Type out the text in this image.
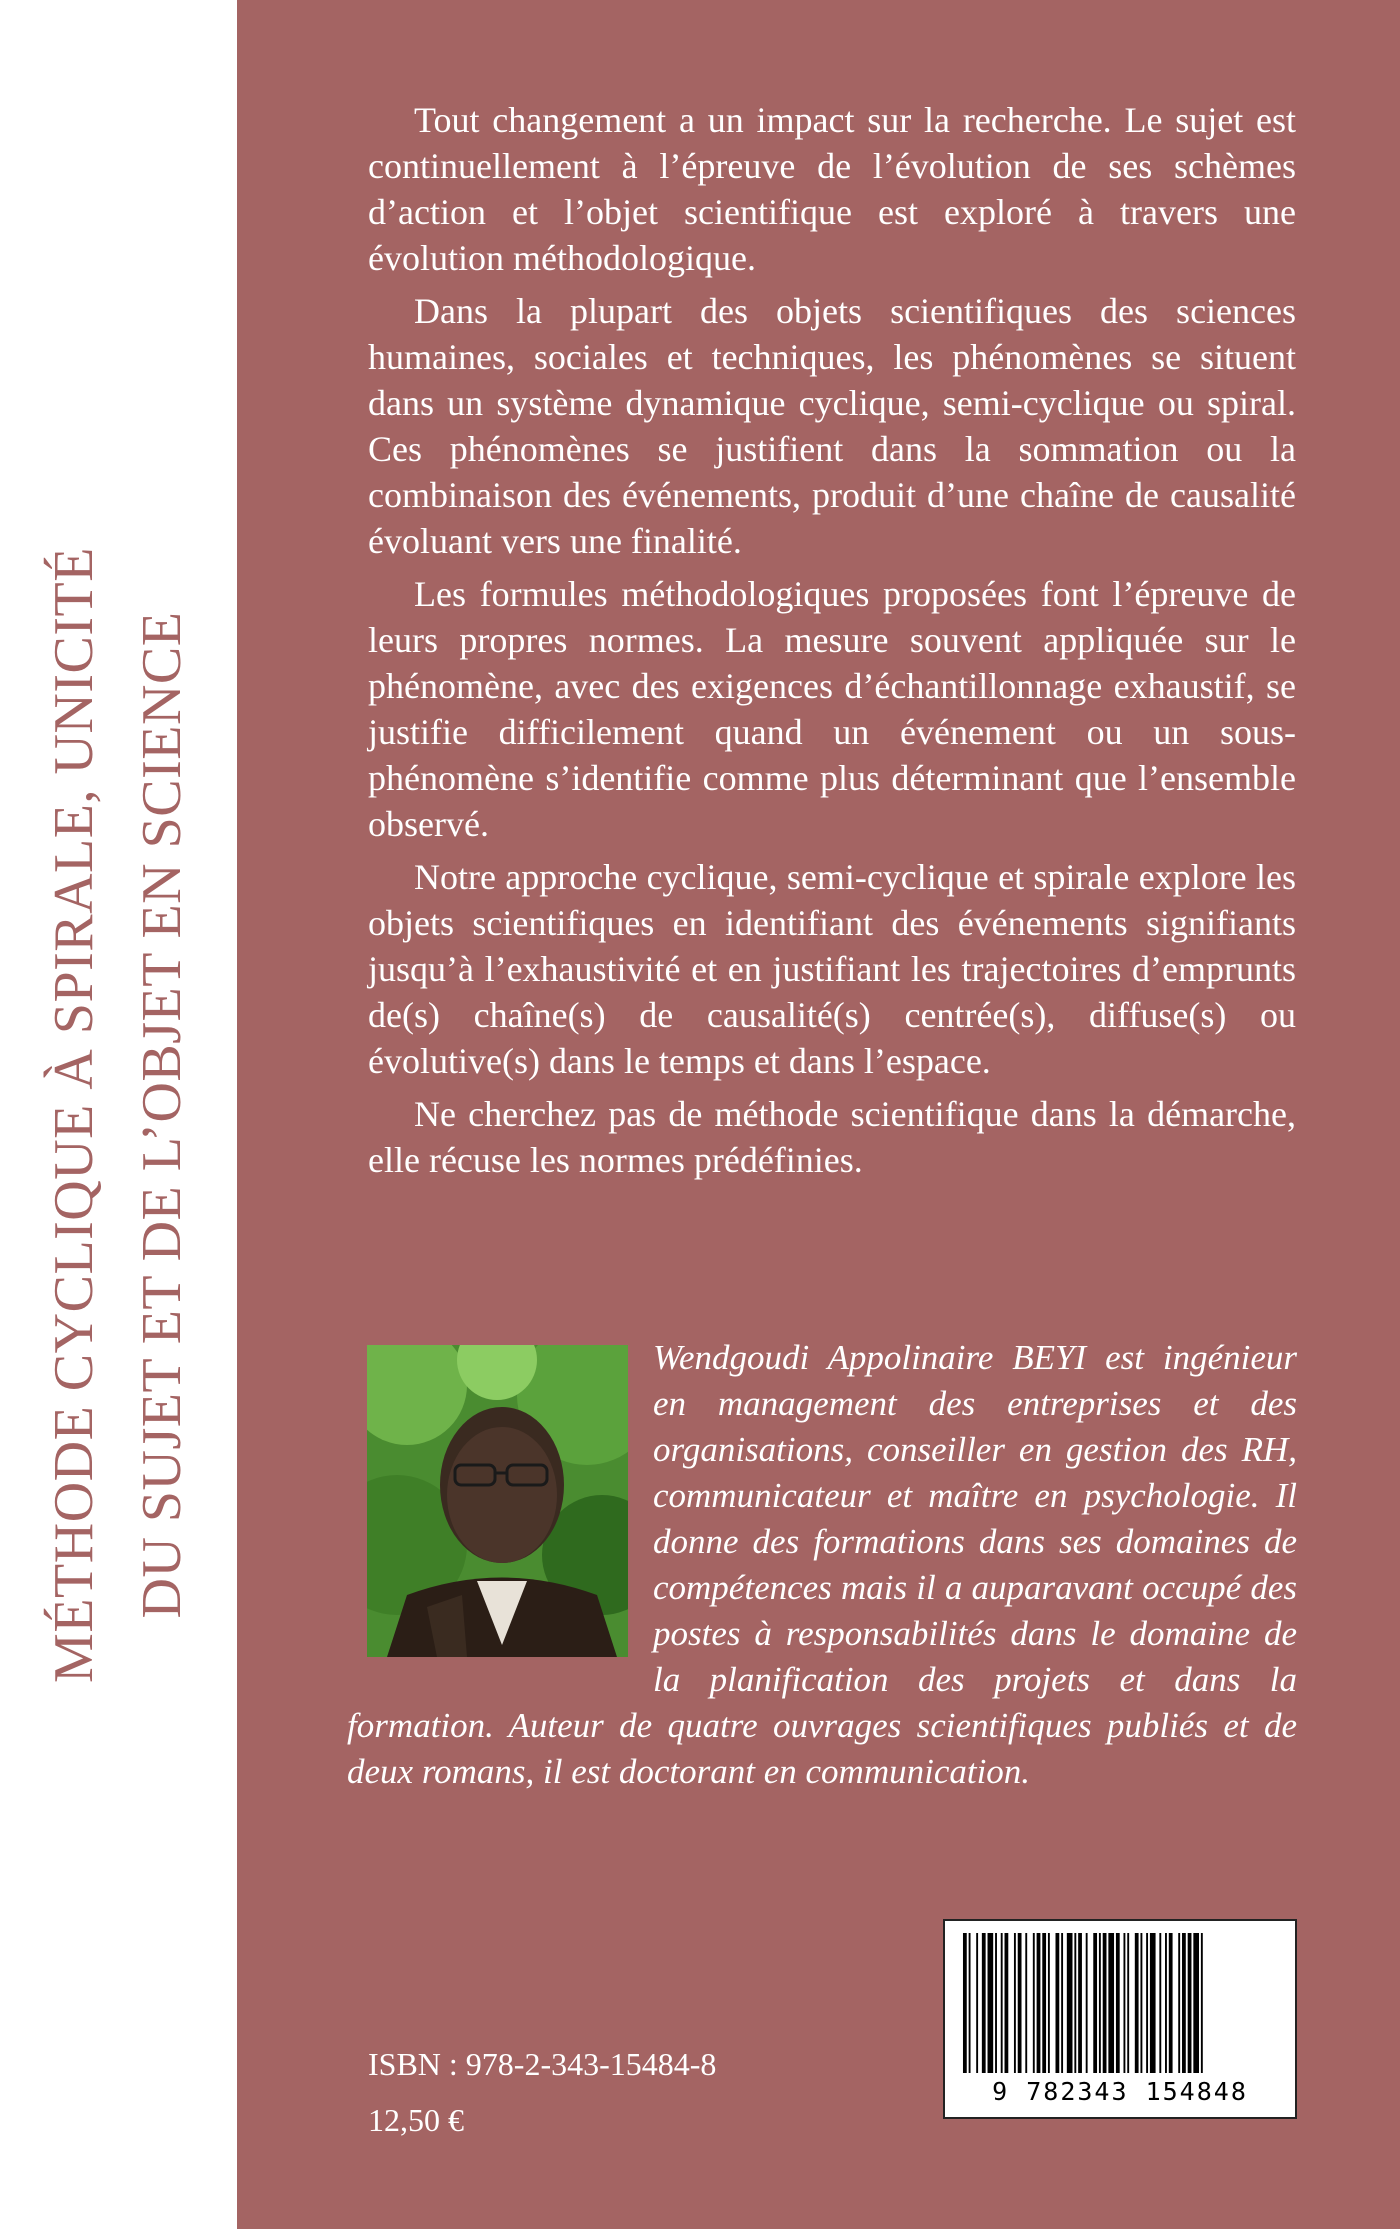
MÉTHODE CYCLIQUE À SPIRALE, UNICITÉ DU SUJET ET DE L’OBJET EN SCIENCE

Tout changement a un impact sur la recherche. Le sujet est continuellement à l’épreuve de l’évolution de ses schèmes d’action et l’objet scientifique est exploré à travers une évolution méthodologique.

Dans la plupart des objets scientifiques des sciences humaines, sociales et techniques, les phénomènes se situent dans un système dynamique cyclique, semi-cyclique ou spiral. Ces phénomènes se justifient dans la sommation ou la combinaison des événements, produit d’une chaîne de causalité évoluant vers une finalité.

Les formules méthodologiques proposées font l’épreuve de leurs propres normes. La mesure souvent appliquée sur le phénomène, avec des exigences d’échantillonnage exhaustif, se justifie difficilement quand un événement ou un sous-phénomène s’identifie comme plus déterminant que l’ensemble observé.

Notre approche cyclique, semi-cyclique et spirale explore les objets scientifiques en identifiant des événements signifiants jusqu’à l’exhaustivité et en justifiant les trajectoires d’emprunts de(s) chaîne(s) de causalité(s) centrée(s), diffuse(s) ou évolutive(s) dans le temps et dans l’espace.

Ne cherchez pas de méthode scientifique dans la démarche, elle récuse les normes prédéfinies.

Wendgoudi Appolinaire BEYI est ingénieur en management des entreprises et des organisations, conseiller en gestion des RH, communicateur et maître en psychologie. Il donne des formations dans ses domaines de compétences mais il a auparavant occupé des postes à responsabilités dans le domaine de la planification des projets et dans la formation. Auteur de quatre ouvrages scientifiques publiés et de deux romans, il est doctorant en communication.
ISBN : 978-2-343-15484-8
12,50 €
9 782343 154848
